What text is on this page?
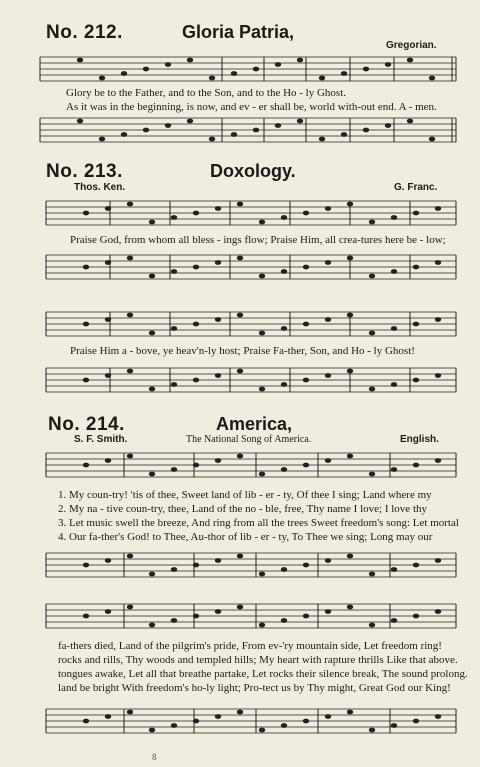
No. 212.	Gloria Patria,
Gregorian.
Glory be to the Father, and to the Son, and to the Ho - ly Ghost.
As it was in the beginning, is now, and ev - er shall be, world with-out end. A - men.
No. 213.	Doxology.
Thos. Ken.	G. Franc.
Praise God, from whom all bless - ings flow; Praise Him, all crea-tures here be - low;
Praise Him a - bove, ye heav'n-ly host; Praise Fa-ther, Son, and Ho - ly Ghost!
No. 214.	America,
S. F. Smith.	The National Song of America.	English.
1. My coun-try! 'tis of thee, Sweet land of lib - er - ty, Of thee I sing; Land where my
2. My na - tive coun-try, thee, Land of the no - ble, free, Thy name I love; I love thy
3. Let music swell the breeze, And ring from all the trees Sweet freedom's song: Let mortal
4. Our fa-ther's God! to Thee, Au-thor of lib - er - ty, To Thee we sing; Long may our
fa-thers died, Land of the pilgrim's pride, From ev-'ry mountain side, Let freedom ring!
rocks and rills, Thy woods and templed hills; My heart with rapture thrills Like that above.
tongues awake, Let all that breathe partake, Let rocks their silence break, The sound prolong.
land be bright With freedom's ho-ly light; Pro-tect us by Thy might, Great God our King!
8
